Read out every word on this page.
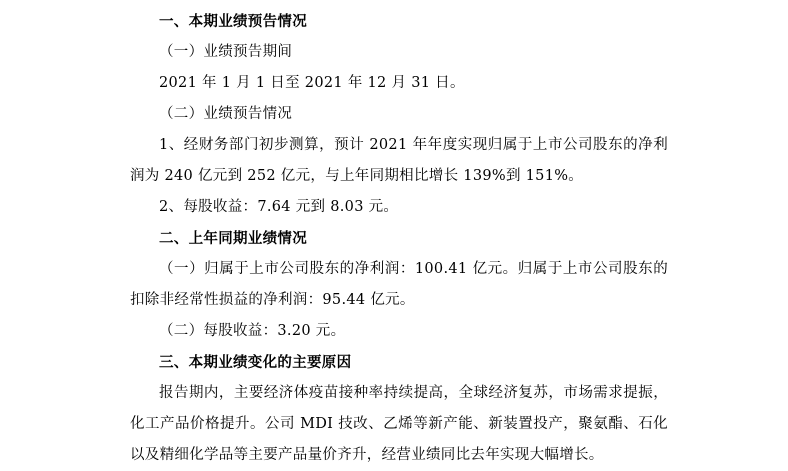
一、本期业绩预告情况

（一）业绩预告期间

2021 年 1 月 1 日至 2021 年 12 月 31 日。

（二）业绩预告情况

1、经财务部门初步测算，预计 2021 年年度实现归属于上市公司股东的净利润为 240 亿元到 252 亿元，与上年同期相比增长 139%到 151%。

2、每股收益：7.64 元到 8.03 元。

二、上年同期业绩情况

（一）归属于上市公司股东的净利润：100.41 亿元。归属于上市公司股东的扣除非经常性损益的净利润：95.44 亿元。

（二）每股收益：3.20 元。

三、本期业绩变化的主要原因

报告期内，主要经济体疫苗接种率持续提高，全球经济复苏，市场需求提振，化工产品价格提升。公司 MDI 技改、乙烯等新产能、新装置投产，聚氨酯、石化以及精细化学品等主要产品量价齐升，经营业绩同比去年实现大幅增长。
